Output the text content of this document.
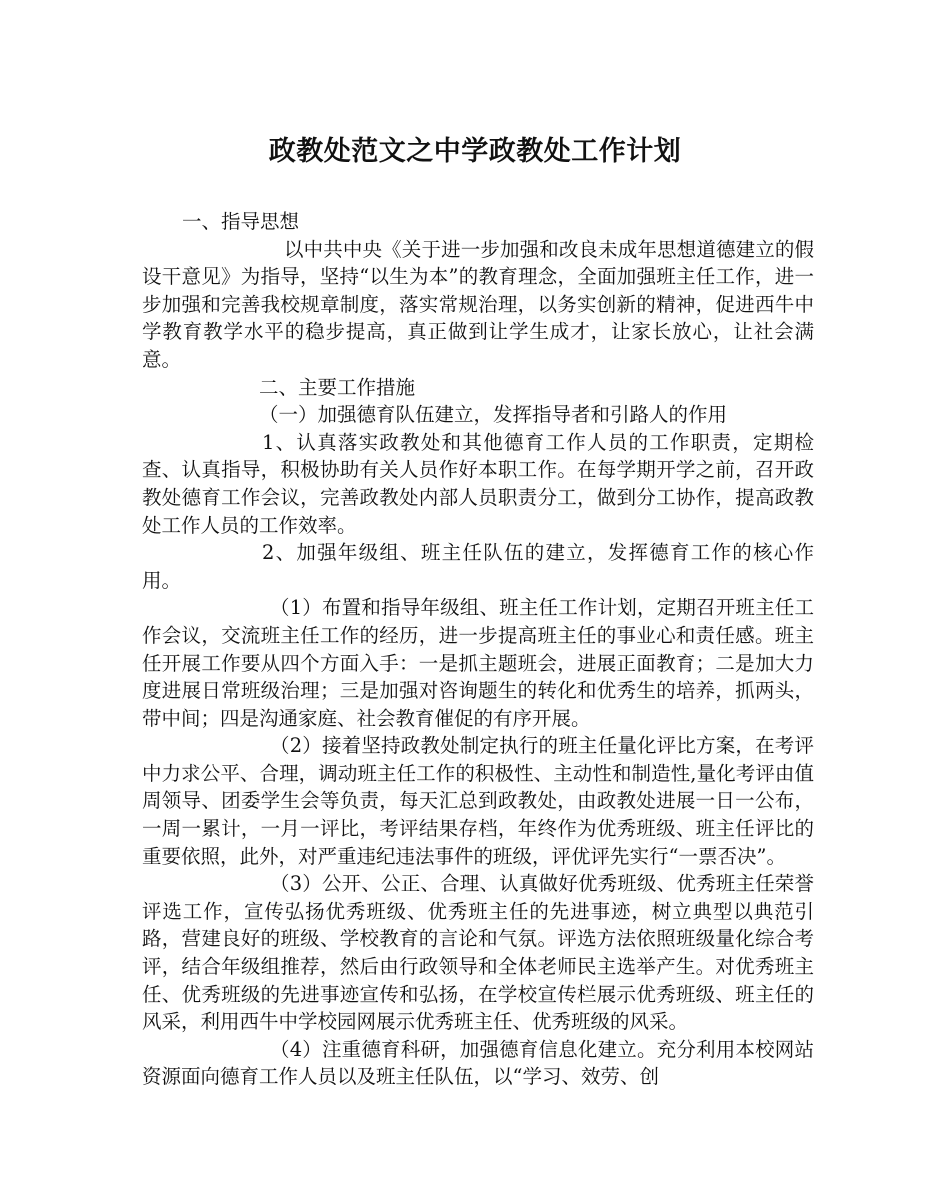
政教处范文之中学政教处工作计划

一、指导思想

以中共中央《关于进一步加强和改良未成年思想道德建立的假设干意见》为指导，坚持“以生为本”的教育理念，全面加强班主任工作，进一步加强和完善我校规章制度，落实常规治理，以务实创新的精神，促进西牛中学教育教学水平的稳步提高，真正做到让学生成才，让家长放心，让社会满意。

二、主要工作措施

（一）加强德育队伍建立，发挥指导者和引路人的作用

1、认真落实政教处和其他德育工作人员的工作职责，定期检查、认真指导，积极协助有关人员作好本职工作。在每学期开学之前，召开政教处德育工作会议，完善政教处内部人员职责分工，做到分工协作，提高政教处工作人员的工作效率。

2、加强年级组、班主任队伍的建立，发挥德育工作的核心作用。

（1）布置和指导年级组、班主任工作计划，定期召开班主任工作会议，交流班主任工作的经历，进一步提高班主任的事业心和责任感。班主任开展工作要从四个方面入手：一是抓主题班会，进展正面教育；二是加大力度进展日常班级治理；三是加强对咨询题生的转化和优秀生的培养，抓两头，带中间；四是沟通家庭、社会教育催促的有序开展。

（2）接着坚持政教处制定执行的班主任量化评比方案，在考评中力求公平、合理，调动班主任工作的积极性、主动性和制造性,量化考评由值周领导、团委学生会等负责，每天汇总到政教处，由政教处进展一日一公布，一周一累计，一月一评比，考评结果存档，年终作为优秀班级、班主任评比的重要依照，此外，对严重违纪违法事件的班级，评优评先实行“一票否决”。

（3）公开、公正、合理、认真做好优秀班级、优秀班主任荣誉评选工作，宣传弘扬优秀班级、优秀班主任的先进事迹，树立典型以典范引路，营建良好的班级、学校教育的言论和气氛。评选方法依照班级量化综合考评，结合年级组推荐，然后由行政领导和全体老师民主选举产生。对优秀班主任、优秀班级的先进事迹宣传和弘扬，在学校宣传栏展示优秀班级、班主任的风采，利用西牛中学校园网展示优秀班主任、优秀班级的风采。

（4）注重德育科研，加强德育信息化建立。充分利用本校网站资源面向德育工作人员以及班主任队伍，以“学习、效劳、创
